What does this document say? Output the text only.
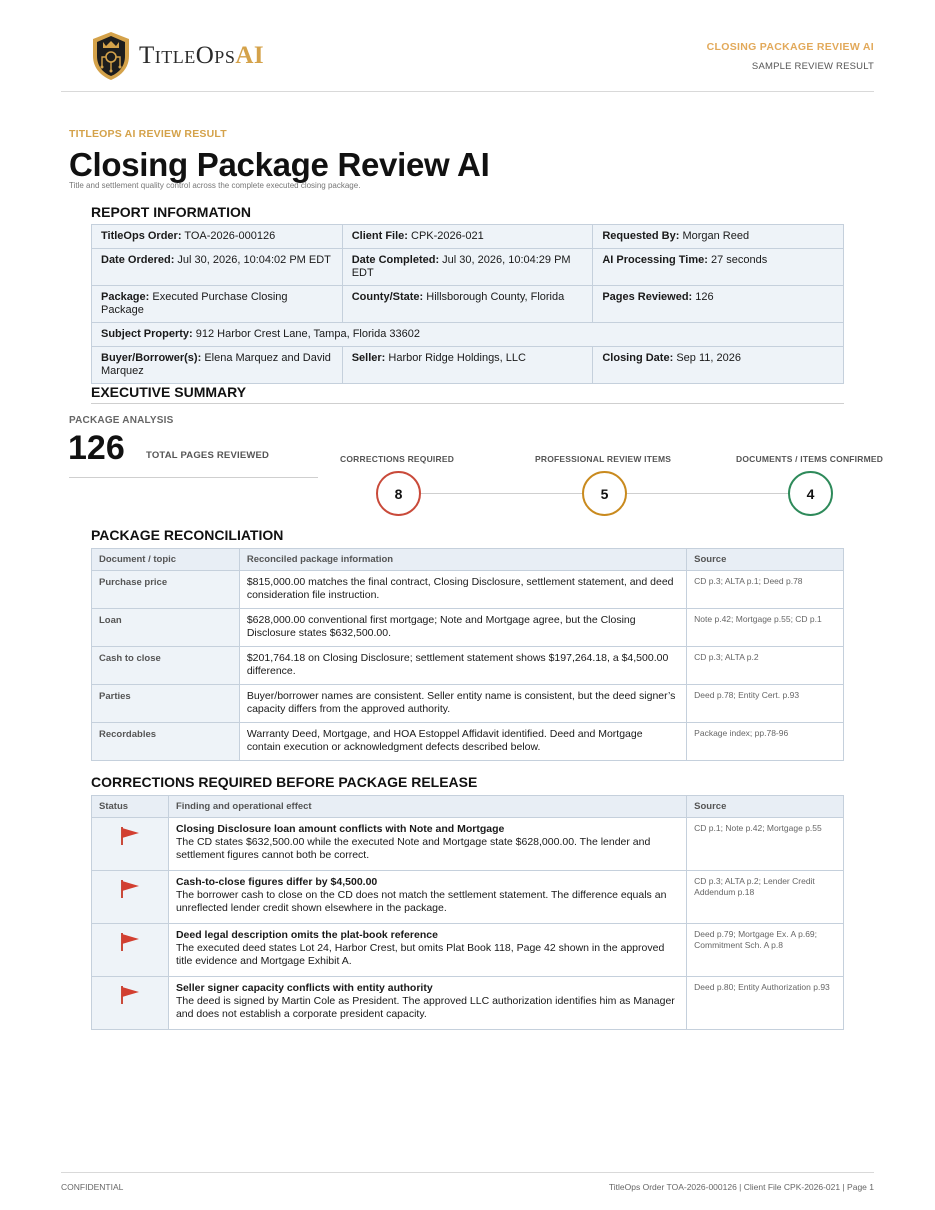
TitleOpsAI	CLOSING PACKAGE REVIEW AI
SAMPLE REVIEW RESULT
TITLEOPS AI REVIEW RESULT
Closing Package Review AI
Title and settlement quality control across the complete executed closing package.
REPORT INFORMATION
TitleOps Order: TOA-2026-000126	Client File: CPK-2026-021	Requested By: Morgan Reed
Date Ordered: Jul 30, 2026, 10:04:02 PM EDT	Date Completed: Jul 30, 2026, 10:04:29 PM EDT	AI Processing Time: 27 seconds
Package: Executed Purchase Closing Package	County/State: Hillsborough County, Florida	Pages Reviewed: 126
Subject Property: 912 Harbor Crest Lane, Tampa, Florida 33602		
Buyer/Borrower(s): Elena Marquez and David Marquez	Seller: Harbor Ridge Holdings, LLC	Closing Date: Sep 11, 2026
EXECUTIVE SUMMARY
PACKAGE ANALYSIS
126 TOTAL PAGES REVIEWED	CORRECTIONS REQUIRED	PROFESSIONAL REVIEW ITEMS	DOCUMENTS / ITEMS CONFIRMED
8	5	4
PACKAGE RECONCILIATION
Document / topic	Reconciled package information	Source
Purchase price	$815,000.00 matches the final contract, Closing Disclosure, settlement statement, and deed consideration file instruction.	CD p.3; ALTA p.1; Deed p.78
Loan	$628,000.00 conventional first mortgage; Note and Mortgage agree, but the Closing Disclosure states $632,500.00.	Note p.42; Mortgage p.55; CD p.1
Cash to close	$201,764.18 on Closing Disclosure; settlement statement shows $197,264.18, a $4,500.00 difference.	CD p.3; ALTA p.2
Parties	Buyer/borrower names are consistent. Seller entity name is consistent, but the deed signer’s capacity differs from the approved authority.	Deed p.78; Entity Cert. p.93
Recordables	Warranty Deed, Mortgage, and HOA Estoppel Affidavit identified. Deed and Mortgage contain execution or acknowledgment defects described below.	Package index; pp.78-96
CORRECTIONS REQUIRED BEFORE PACKAGE RELEASE
Status	Finding and operational effect	Source

Closing Disclosure loan amount conflicts with Note and Mortgage
The CD states $632,500.00 while the executed Note and Mortgage state $628,000.00. The lender and settlement figures cannot both be correct.	CD p.1; Note p.42; Mortgage p.55

Cash-to-close figures differ by $4,500.00
The borrower cash to close on the CD does not match the settlement statement. The difference equals an unreflected lender credit shown elsewhere in the package.	CD p.3; ALTA p.2; Lender Credit Addendum p.18

Deed legal description omits the plat-book reference
The executed deed states Lot 24, Harbor Crest, but omits Plat Book 118, Page 42 shown in the approved title evidence and Mortgage Exhibit A.	Deed p.79; Mortgage Ex. A p.69; Commitment Sch. A p.8

Seller signer capacity conflicts with entity authority
The deed is signed by Martin Cole as President. The approved LLC authorization identifies him as Manager and does not establish a corporate president capacity.	Deed p.80; Entity Authorization p.93
CONFIDENTIAL	TitleOps Order TOA-2026-000126 | Client File CPK-2026-021 | Page 1
